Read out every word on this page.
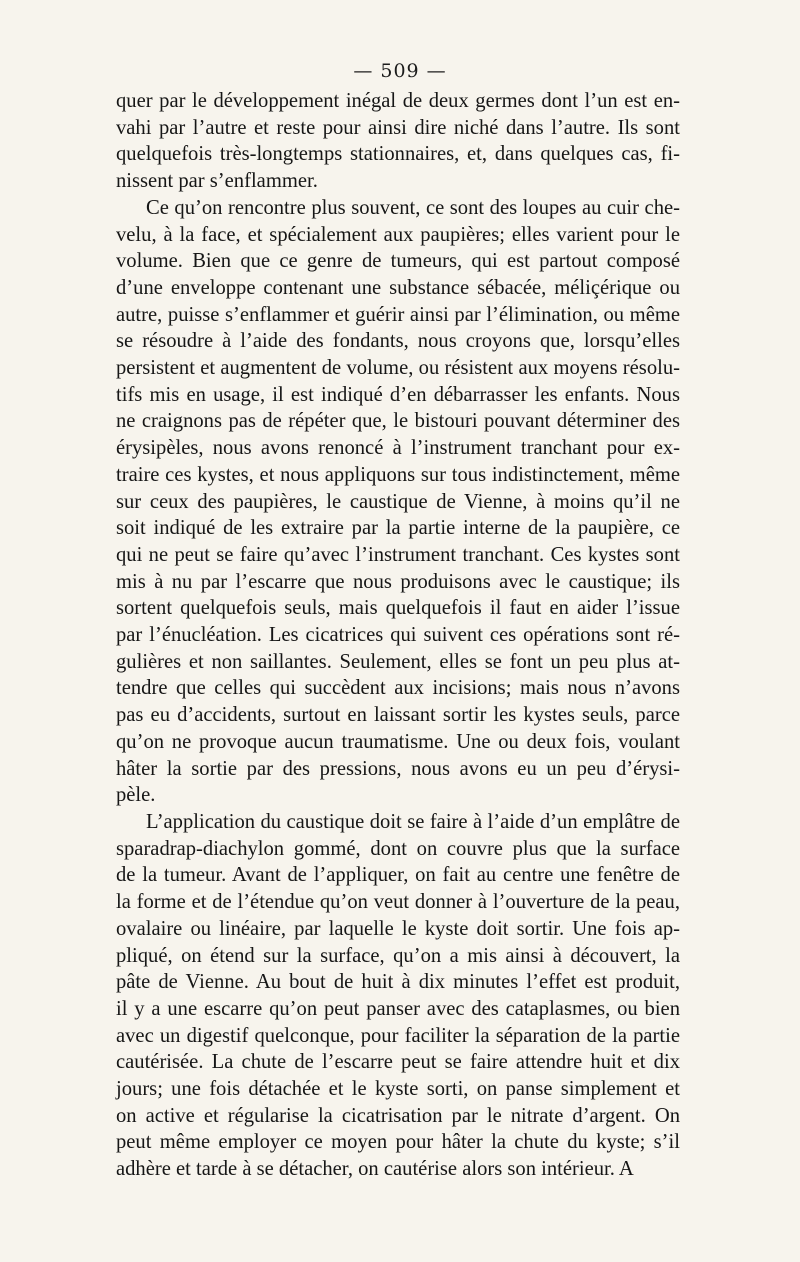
— 509 —

quer par le développement inégal de deux germes dont l’un est en-
vahi par l’autre et reste pour ainsi dire niché dans l’autre. Ils sont
quelquefois très-longtemps stationnaires, et, dans quelques cas, fi-
nissent par s’enflammer.

Ce qu’on rencontre plus souvent, ce sont des loupes au cuir che-
velu, à la face, et spécialement aux paupières; elles varient pour le
volume. Bien que ce genre de tumeurs, qui est partout composé
d’une enveloppe contenant une substance sébacée, méliçérique ou
autre, puisse s’enflammer et guérir ainsi par l’élimination, ou même
se résoudre à l’aide des fondants, nous croyons que, lorsqu’elles
persistent et augmentent de volume, ou résistent aux moyens résolu-
tifs mis en usage, il est indiqué d’en débarrasser les enfants. Nous
ne craignons pas de répéter que, le bistouri pouvant déterminer des
érysipèles, nous avons renoncé à l’instrument tranchant pour ex-
traire ces kystes, et nous appliquons sur tous indistinctement, même
sur ceux des paupières, le caustique de Vienne, à moins qu’il ne
soit indiqué de les extraire par la partie interne de la paupière, ce
qui ne peut se faire qu’avec l’instrument tranchant. Ces kystes sont
mis à nu par l’escarre que nous produisons avec le caustique; ils
sortent quelquefois seuls, mais quelquefois il faut en aider l’issue
par l’énucléation. Les cicatrices qui suivent ces opérations sont ré-
gulières et non saillantes. Seulement, elles se font un peu plus at-
tendre que celles qui succèdent aux incisions; mais nous n’avons
pas eu d’accidents, surtout en laissant sortir les kystes seuls, parce
qu’on ne provoque aucun traumatisme. Une ou deux fois, voulant
hâter la sortie par des pressions, nous avons eu un peu d’érysi-
pèle.

L’application du caustique doit se faire à l’aide d’un emplâtre de
sparadrap-diachylon gommé, dont on couvre plus que la surface
de la tumeur. Avant de l’appliquer, on fait au centre une fenêtre de
la forme et de l’étendue qu’on veut donner à l’ouverture de la peau,
ovalaire ou linéaire, par laquelle le kyste doit sortir. Une fois ap-
pliqué, on étend sur la surface, qu’on a mis ainsi à découvert, la
pâte de Vienne. Au bout de huit à dix minutes l’effet est produit,
il y a une escarre qu’on peut panser avec des cataplasmes, ou bien
avec un digestif quelconque, pour faciliter la séparation de la partie
cautérisée. La chute de l’escarre peut se faire attendre huit et dix
jours; une fois détachée et le kyste sorti, on panse simplement et
on active et régularise la cicatrisation par le nitrate d’argent. On
peut même employer ce moyen pour hâter la chute du kyste; s’il
adhère et tarde à se détacher, on cautérise alors son intérieur. A
